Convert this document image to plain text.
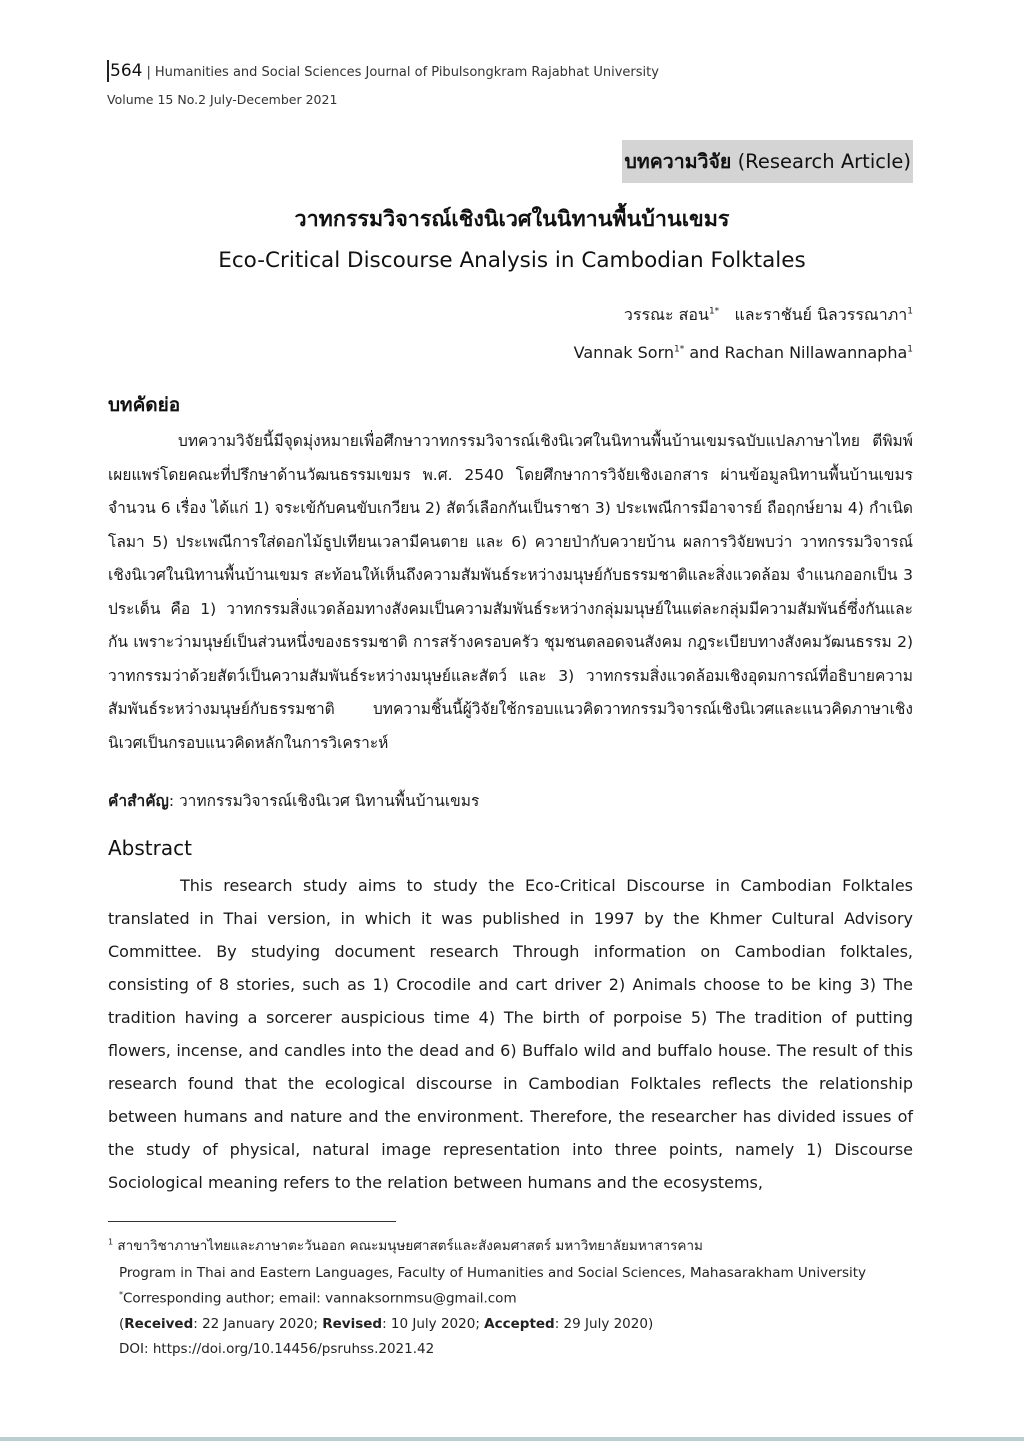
564 | Humanities and Social Sciences Journal of Pibulsongkram Rajabhat University
Volume 15 No.2 July-December 2021
บทความวิจัย (Research Article)
วาทกรรมวิจารณ์เชิงนิเวศในนิทานพื้นบ้านเขมร
Eco-Critical Discourse Analysis in Cambodian Folktales
วรรณะ สอน$^{1*}$ และราชันย์ นิลวรรณาภา$^1$
Vannak Sorn$^{1*}$ and Rachan Nillawannapha$^1$
บทคัดย่อ

บทความวิจัยนี้มีจุดมุ่งหมายเพื่อศึกษาวาทกรรมวิจารณ์เชิงนิเวศในนิทานพื้นบ้านเขมรฉบับแปลภาษาไทย ตีพิมพ์เผยแพร่โดยคณะที่ปรึกษาด้านวัฒนธรรมเขมร พ.ศ. 2540 โดยศึกษาการวิจัยเชิงเอกสาร ผ่านข้อมูลนิทานพื้นบ้านเขมรจำนวน 6 เรื่อง ได้แก่ 1) จระเข้กับคนขับเกวียน 2) สัตว์เลือกกันเป็นราชา 3) ประเพณีการมีอาจารย์ ถือฤกษ์ยาม 4) กำเนิดโลมา 5) ประเพณีการใส่ดอกไม้ธูปเทียนเวลามีคนตาย และ 6) ควายป่ากับควายบ้าน ผลการวิจัยพบว่า วาทกรรมวิจารณ์เชิงนิเวศในนิทานพื้นบ้านเขมร สะท้อนให้เห็นถึงความสัมพันธ์ระหว่างมนุษย์กับธรรมชาติและสิ่งแวดล้อม จำแนกออกเป็น 3 ประเด็น คือ 1) วาทกรรมสิ่งแวดล้อมทางสังคมเป็นความสัมพันธ์ระหว่างกลุ่มมนุษย์ในแต่ละกลุ่มมีความสัมพันธ์ซึ่งกันและกัน เพราะว่ามนุษย์เป็นส่วนหนึ่งของธรรมชาติ การสร้างครอบครัว ชุมชนตลอดจนสังคม กฎระเบียบทางสังคมวัฒนธรรม 2) วาทกรรมว่าด้วยสัตว์เป็นความสัมพันธ์ระหว่างมนุษย์และสัตว์ และ 3) วาทกรรมสิ่งแวดล้อมเชิงอุดมการณ์ที่อธิบายความสัมพันธ์ระหว่างมนุษย์กับธรรมชาติ บทความชิ้นนี้ผู้วิจัยใช้กรอบแนวคิดวาทกรรมวิจารณ์เชิงนิเวศและแนวคิดภาษาเชิงนิเวศเป็นกรอบแนวคิดหลักในการวิเคราะห์

คำสำคัญ: วาทกรรมวิจารณ์เชิงนิเวศ นิทานพื้นบ้านเขมร
Abstract

This research study aims to study the Eco-Critical Discourse in Cambodian Folktales translated in Thai version, in which it was published in 1997 by the Khmer Cultural Advisory Committee. By studying document research Through information on Cambodian folktales, consisting of 8 stories, such as 1) Crocodile and cart driver 2) Animals choose to be king 3) The tradition having a sorcerer auspicious time 4) The birth of porpoise 5) The tradition of putting flowers, incense, and candles into the dead and 6) Buffalo wild and buffalo house. The result of this research found that the ecological discourse in Cambodian Folktales reflects the relationship between humans and nature and the environment. Therefore, the researcher has divided issues of the study of physical, natural image representation into three points, namely 1) Discourse Sociological meaning refers to the relation between humans and the ecosystems,

$^1$ สาขาวิชาภาษาไทยและภาษาตะวันออก คณะมนุษยศาสตร์และสังคมศาสตร์ มหาวิทยาลัยมหาสารคาม
Program in Thai and Eastern Languages, Faculty of Humanities and Social Sciences, Mahasarakham University
*Corresponding author; email: vannaksornmsu@gmail.com
(Received: 22 January 2020; Revised: 10 July 2020; Accepted: 29 July 2020)
DOI: https://doi.org/10.14456/psruhss.2021.42
